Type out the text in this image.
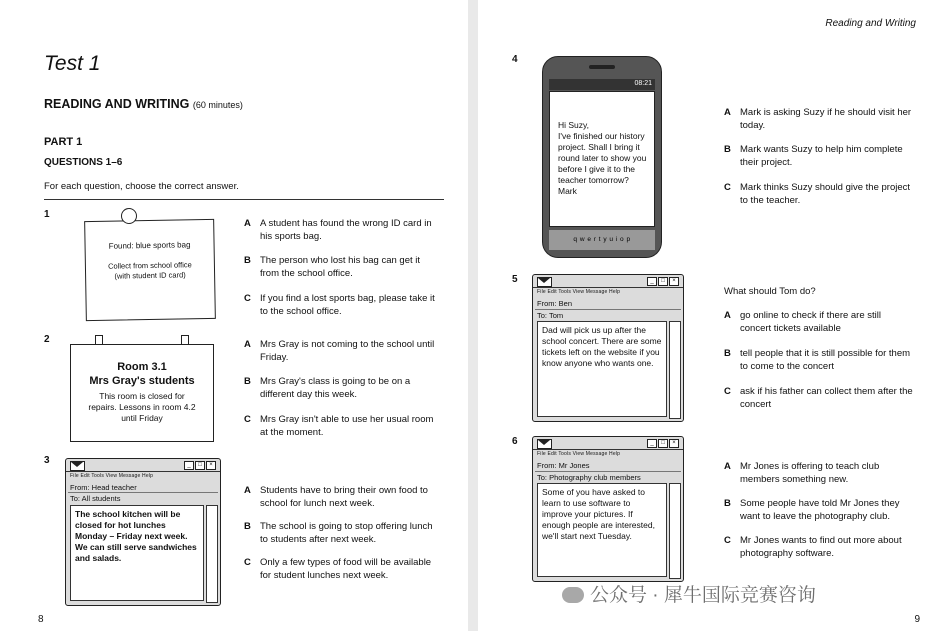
Test 1
READING AND WRITING (60 minutes)
PART 1
QUESTIONS 1–6
For each question, choose the correct answer.
1
Found: blue sports bag
Collect from school office
(with student ID card)
A A student has found the wrong ID card in his sports bag.
B The person who lost his bag can get it from the school office.
C If you find a lost sports bag, please take it to the school office.
2
Room 3.1
Mrs Gray's students
This room is closed for repairs. Lessons in room 4.2 until Friday
A Mrs Gray is not coming to the school until Friday.
B Mrs Gray's class is going to be on a different day this week.
C Mrs Gray isn't able to use her usual room at the moment.
3	_	□	×
File Edit Tools View Message Help
From: Head teacher
To: All students
The school kitchen will be closed for hot lunches Monday – Friday next week. We can still serve sandwiches and salads.
A Students have to bring their own food to school for lunch next week.
B The school is going to stop offering lunch to students after next week.
C Only a few types of food will be available for student lunches next week.
8
Reading and Writing
4
08:21
Hi Suzy,
I've finished our history project. Shall I bring it round later to show you before I give it to the teacher tomorrow?
Mark
q w e r t y u i o p
A Mark is asking Suzy if he should visit her today.
B Mark wants Suzy to help him complete their project.
C Mark thinks Suzy should give the project to the teacher.
5	_	□	×
File Edit Tools View Message Help
From: Ben
To: Tom
Dad will pick us up after the school concert. There are some tickets left on the website if you know anyone who wants one.
What should Tom do?
A go online to check if there are still concert tickets available
B tell people that it is still possible for them to come to the concert
C ask if his father can collect them after the concert
6	_	□	×
File Edit Tools View Message Help
From: Mr Jones
To: Photography club members
Some of you have asked to learn to use software to improve your pictures. If enough people are interested, we'll start next Tuesday.
A Mr Jones is offering to teach club members something new.
B Some people have told Mr Jones they want to leave the photography club.
C Mr Jones wants to find out more about photography software.
公众号 · 犀牛国际竞赛咨询
9
